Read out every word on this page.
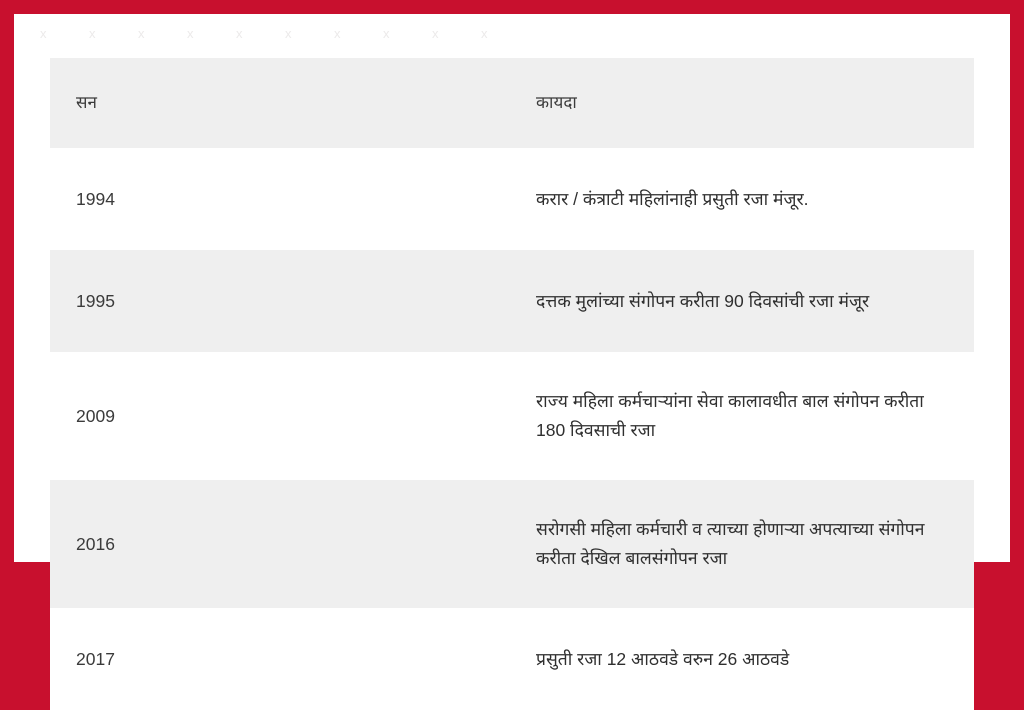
x	x	x	x	x	x	x	x	x	x
सन	कायदा
1994	करार / कंत्राटी महिलांनाही प्रसुती रजा मंजूर.
1995	दत्तक मुलांच्या संगोपन करीता 90 दिवसांची रजा मंजूर
2009	राज्य महिला कर्मचाऱ्यांना सेवा कालावधीत बाल संगोपन करीता 180 दिवसाची रजा
2016	सरोगसी महिला कर्मचारी व त्याच्या होणाऱ्या अपत्याच्या संगोपन करीता देखिल बालसंगोपन रजा
2017	प्रसुती रजा 12 आठवडे वरुन 26 आठवडे
